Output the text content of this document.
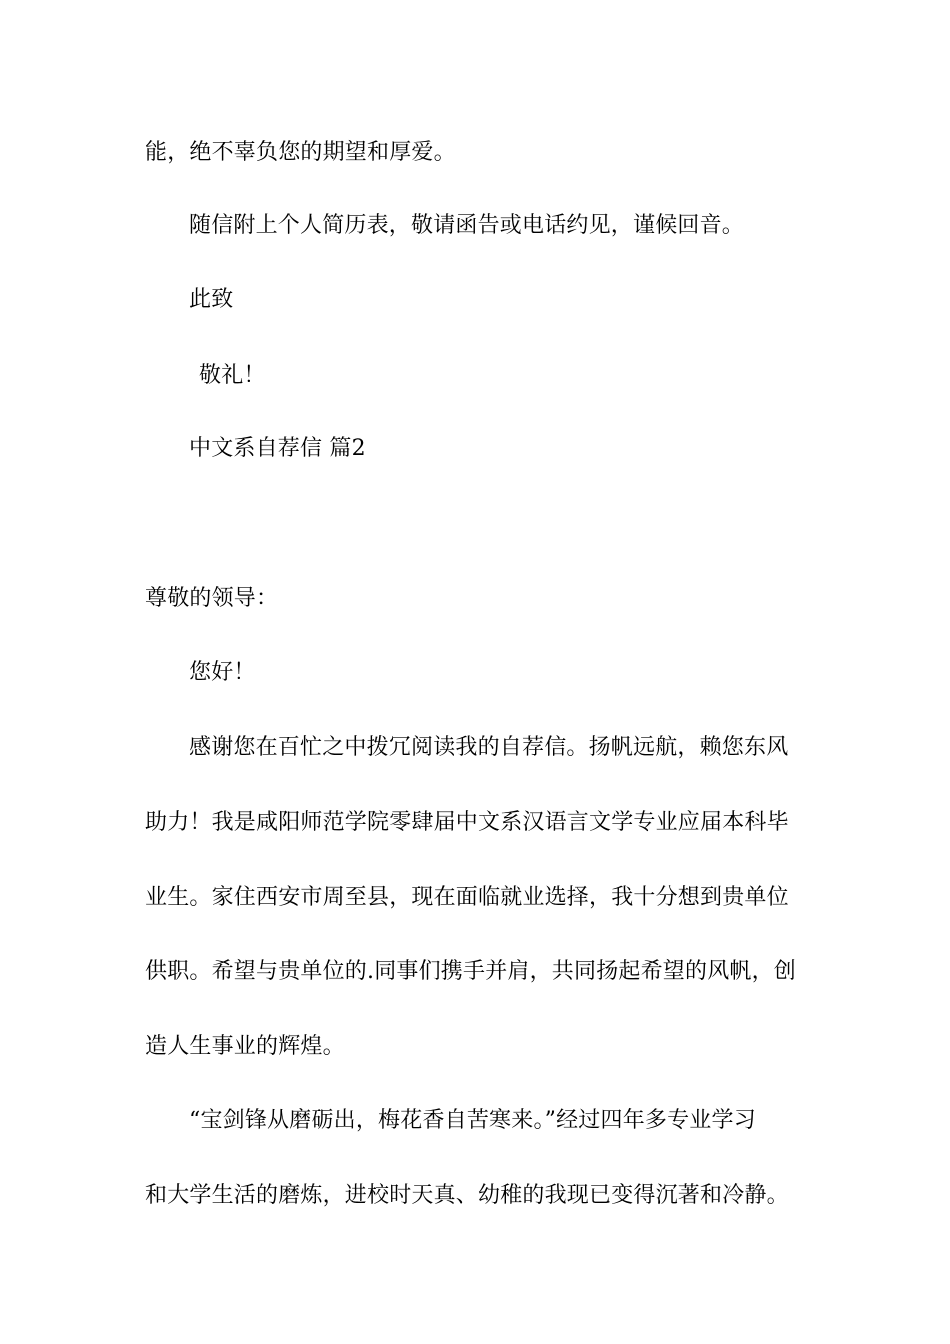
能，绝不辜负您的期望和厚爱。
随信附上个人简历表，敬请函告或电话约见，谨候回音。
此致
敬礼！
中文系自荐信 篇2
尊敬的领导：
您好！
感谢您在百忙之中拨冗阅读我的自荐信。扬帆远航，赖您东风
助力！我是咸阳师范学院零肆届中文系汉语言文学专业应届本科毕
业生。家住西安市周至县，现在面临就业选择，我十分想到贵单位
供职。希望与贵单位的.同事们携手并肩，共同扬起希望的风帆，创
造人生事业的辉煌。
“宝剑锋从磨砺出，梅花香自苦寒来。”经过四年多专业学习
和大学生活的磨炼，进校时天真、幼稚的我现已变得沉著和冷静。
